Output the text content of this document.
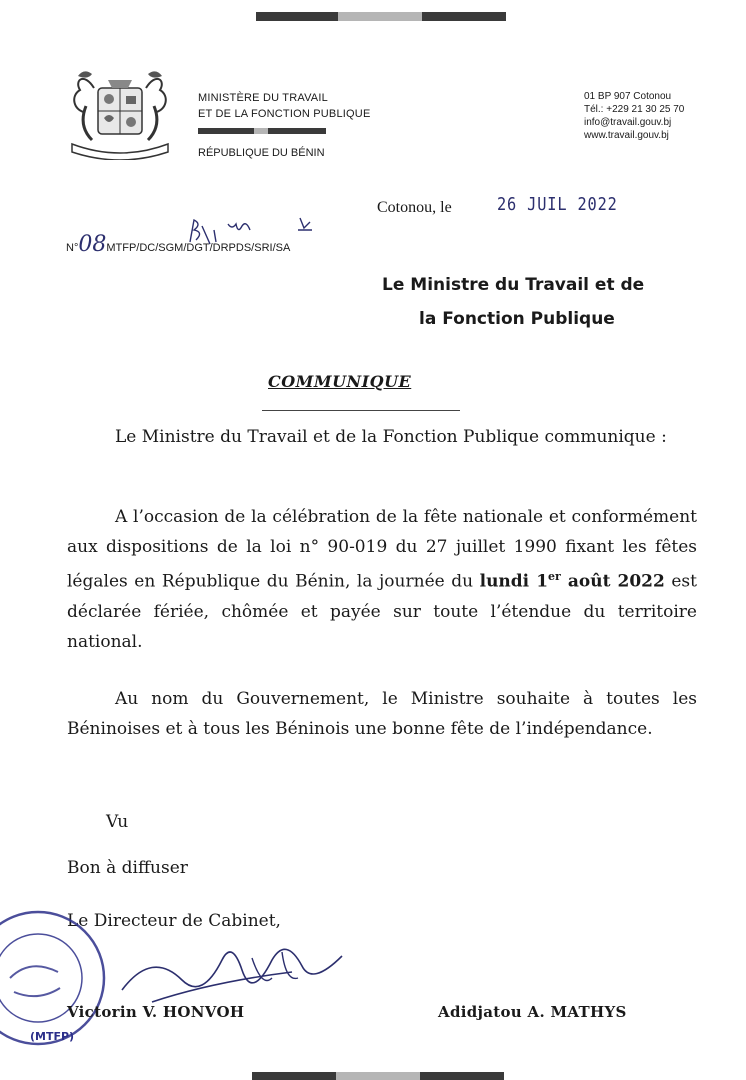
MINISTÈRE DU TRAVAIL
ET DE LA FONCTION PUBLIQUE
RÉPUBLIQUE DU BÉNIN
01 BP 907 Cotonou
Tél.: +229 21 30 25 70
info@travail.gouv.bj
www.travail.gouv.bj
Cotonou, le	26 JUIL 2022
N°08MTFP/DC/SGM/DGT/DRPDS/SRI/SA
Le Ministre du Travail et de
la Fonction Publique
COMMUNIQUE
Le Ministre du Travail et de la Fonction Publique communique :
A l’occasion de la célébration de la fête nationale et conformément aux dispositions de la loi n° 90-019 du 27 juillet 1990 fixant les fêtes légales en République du Bénin, la journée du lundi 1er août 2022 est déclarée fériée, chômée et payée sur toute l’étendue du territoire national.
Au nom du Gouvernement, le Ministre souhaite à toutes les Béninoises et à tous les Béninois une bonne fête de l’indépendance.
Vu
Bon à diffuser
Le Directeur de Cabinet,
(MTFP)
Victorin V. HONVOH	Adidjatou A. MATHYS
